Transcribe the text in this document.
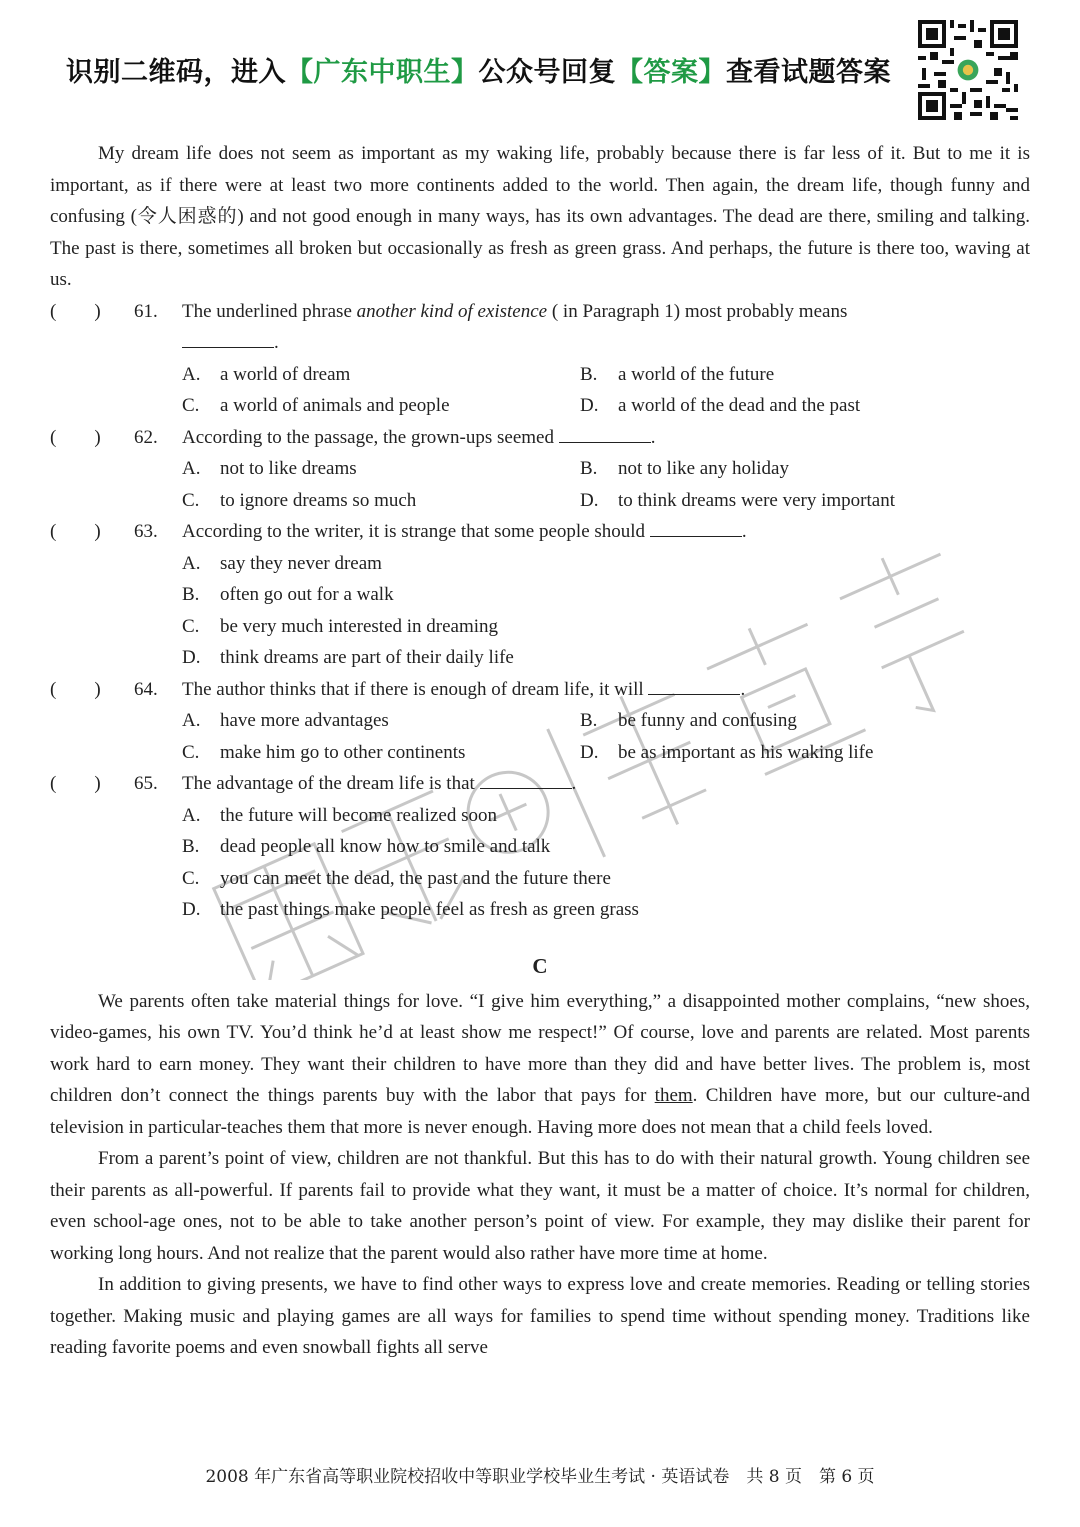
识别二维码，进入【广东中职生】公众号回复【答案】查看试题答案

My dream life does not seem as important as my waking life, probably because there is far less of it. But to me it is important, as if there were at least two more continents added to the world. Then again, the dream life, though funny and confusing (令人困惑的) and not good enough in many ways, has its own advantages. The dead are there, smiling and talking. The past is there, sometimes all broken but occasionally as fresh as green grass. And perhaps, the future is there too, waving at us.

(　　) 61. The underlined phrase another kind of existence ( in Paragraph 1) most probably means
.
A. a world of dream	B. a world of the future
C. a world of animals and people	D. a world of the dead and the past
(　　) 62. According to the passage, the grown-ups seemed	.
A. not to like dreams	B. not to like any holiday
C. to ignore dreams so much	D. to think dreams were very important
(　　) 63. According to the writer, it is strange that some people should	.
A. say they never dream
B. often go out for a walk
C. be very much interested in dreaming
D. think dreams are part of their daily life
(　　) 64. The author thinks that if there is enough of dream life, it will	.
A. have more advantages	B. be funny and confusing
C. make him go to other continents	D. be as important as his waking life
(　　) 65. The advantage of the dream life is that	.
A. the future will become realized soon
B. dead people all know how to smile and talk
C. you can meet the dead, the past and the future there
D. the past things make people feel as fresh as green grass
C

We parents often take material things for love. “I give him everything,” a disappointed mother complains, “new shoes, video-games, his own TV. You’d think he’d at least show me respect!” Of course, love and parents are related. Most parents work hard to earn money. They want their children to have more than they did and have better lives. The problem is, most children don’t connect the things parents buy with the labor that pays for them. Children have more, but our culture-and television in particular-teaches them that more is never enough. Having more does not mean that a child feels loved.

From a parent’s point of view, children are not thankful. But this has to do with their natural growth. Young children see their parents as all-powerful. If parents fail to provide what they want, it must be a matter of choice. It’s normal for children, even school-age ones, not to be able to take another person’s point of view. For example, they may dislike their parent for working long hours. And not realize that the parent would also rather have more time at home.

In addition to giving presents, we have to find other ways to express love and create memories. Reading or telling stories together. Making music and playing games are all ways for families to spend time without spending money. Traditions like reading favorite poems and even snowball fights all serve

2008 年广东省高等职业院校招收中等职业学校毕业生考试 · 英语试卷　共 8 页　第 6 页
